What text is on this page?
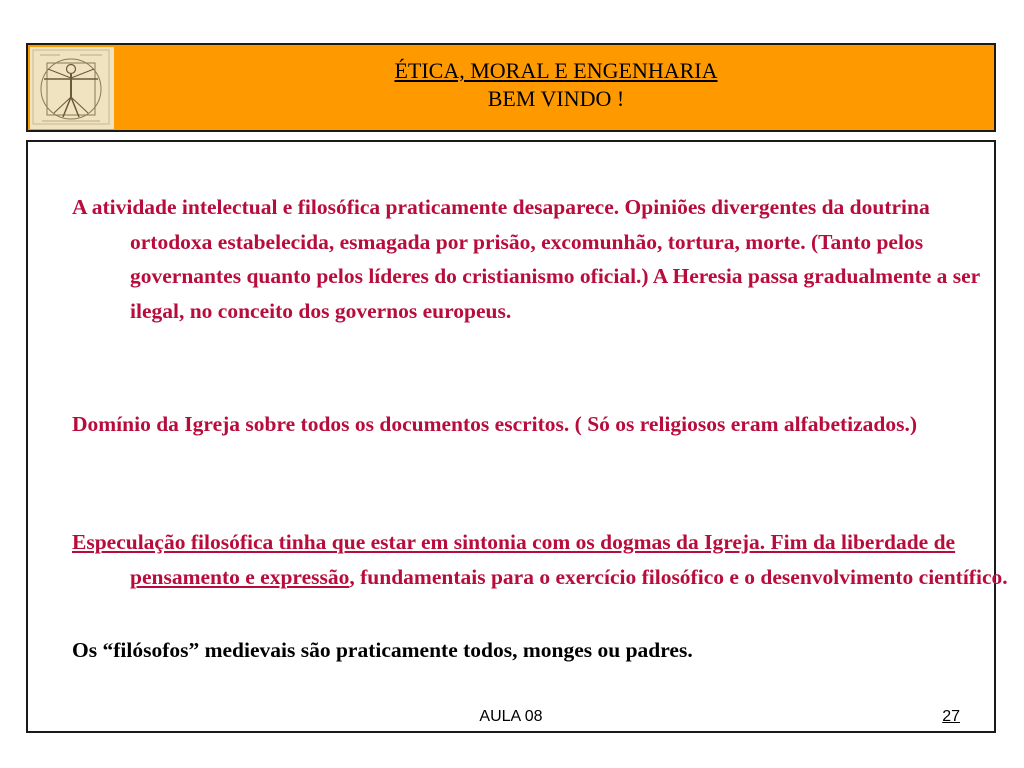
ÉTICA, MORAL E ENGENHARIA
BEM VINDO !

A atividade intelectual e filosófica praticamente desaparece. Opiniões divergentes da doutrina ortodoxa estabelecida, esmagada por prisão, excomunhão, tortura, morte. (Tanto pelos governantes quanto pelos líderes do cristianismo oficial.) A Heresia passa gradualmente a ser ilegal, no conceito dos governos europeus.

Domínio da Igreja sobre todos os documentos escritos. ( Só os religiosos eram alfabetizados.)

Especulação filosófica tinha que estar em sintonia com os dogmas da Igreja. Fim da liberdade de pensamento e expressão, fundamentais para o exercício filosófico e o desenvolvimento científico.

Os “filósofos” medievais são praticamente todos, monges ou padres.

AULA 08	27
